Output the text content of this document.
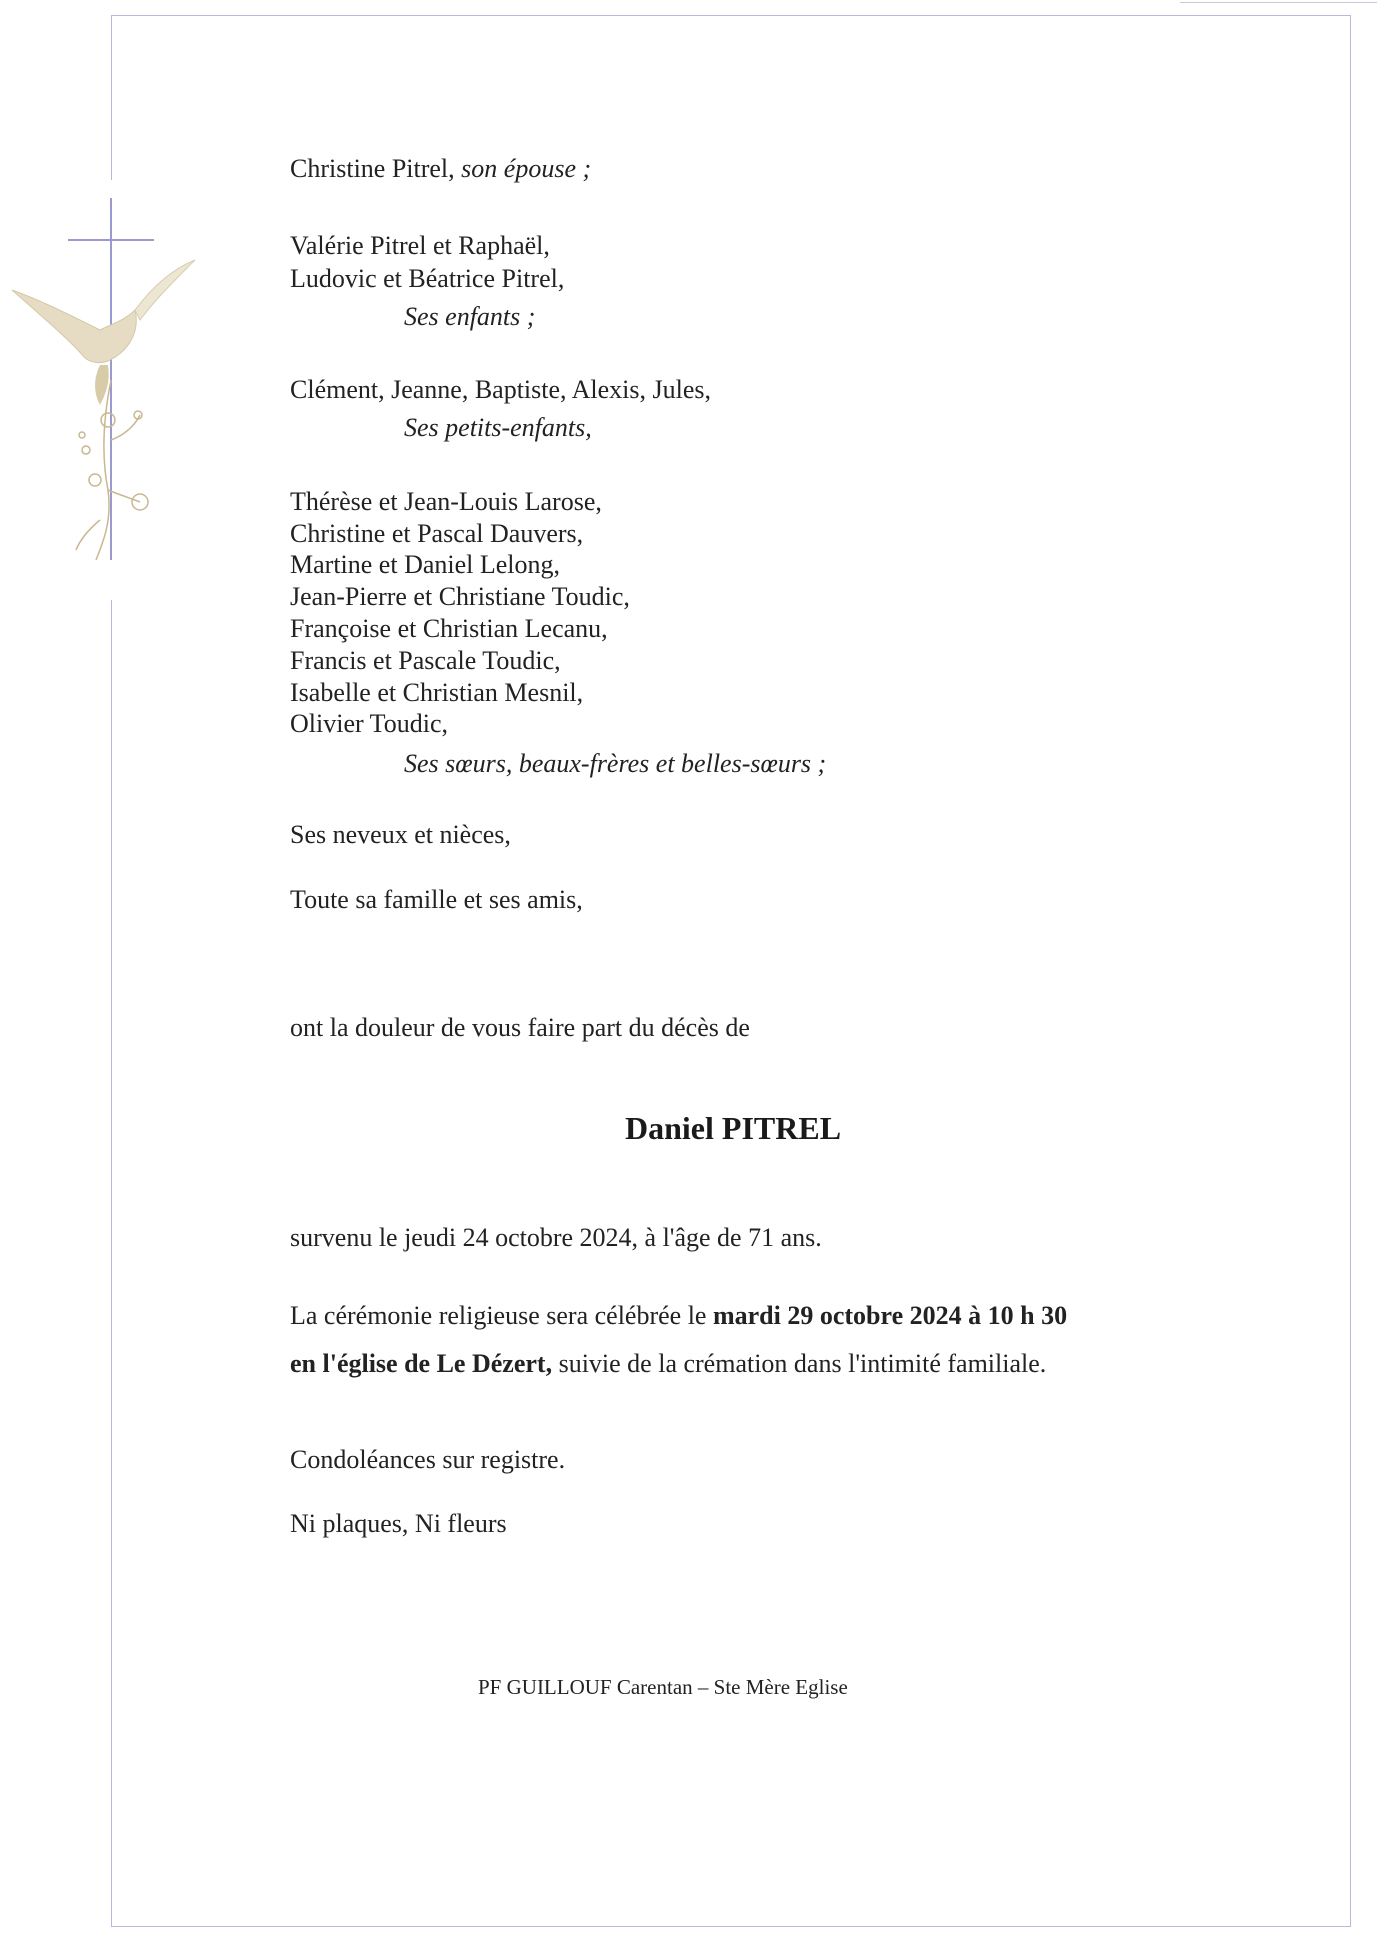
Christine Pitrel, son épouse ;
Valérie Pitrel et Raphaël,
Ludovic et Béatrice Pitrel,
Ses enfants ;
Clément, Jeanne, Baptiste, Alexis, Jules,
Ses petits-enfants,
Thérèse et Jean-Louis Larose,
Christine et Pascal Dauvers,
Martine et Daniel Lelong,
Jean-Pierre et Christiane Toudic,
Françoise et Christian Lecanu,
Francis et Pascale Toudic,
Isabelle et Christian Mesnil,
Olivier Toudic,
Ses sœurs, beaux-frères et belles-sœurs ;
Ses neveux et nièces,
Toute sa famille et ses amis,
ont la douleur de vous faire part du décès de
Daniel PITREL
survenu le jeudi 24 octobre 2024, à l'âge de 71 ans.
La cérémonie religieuse sera célébrée le mardi 29 octobre 2024 à 10 h 30
en l'église de Le Dézert, suivie de la crémation dans l'intimité familiale.
Condoléances sur registre.
Ni plaques, Ni fleurs
PF GUILLOUF Carentan – Ste Mère Eglise
